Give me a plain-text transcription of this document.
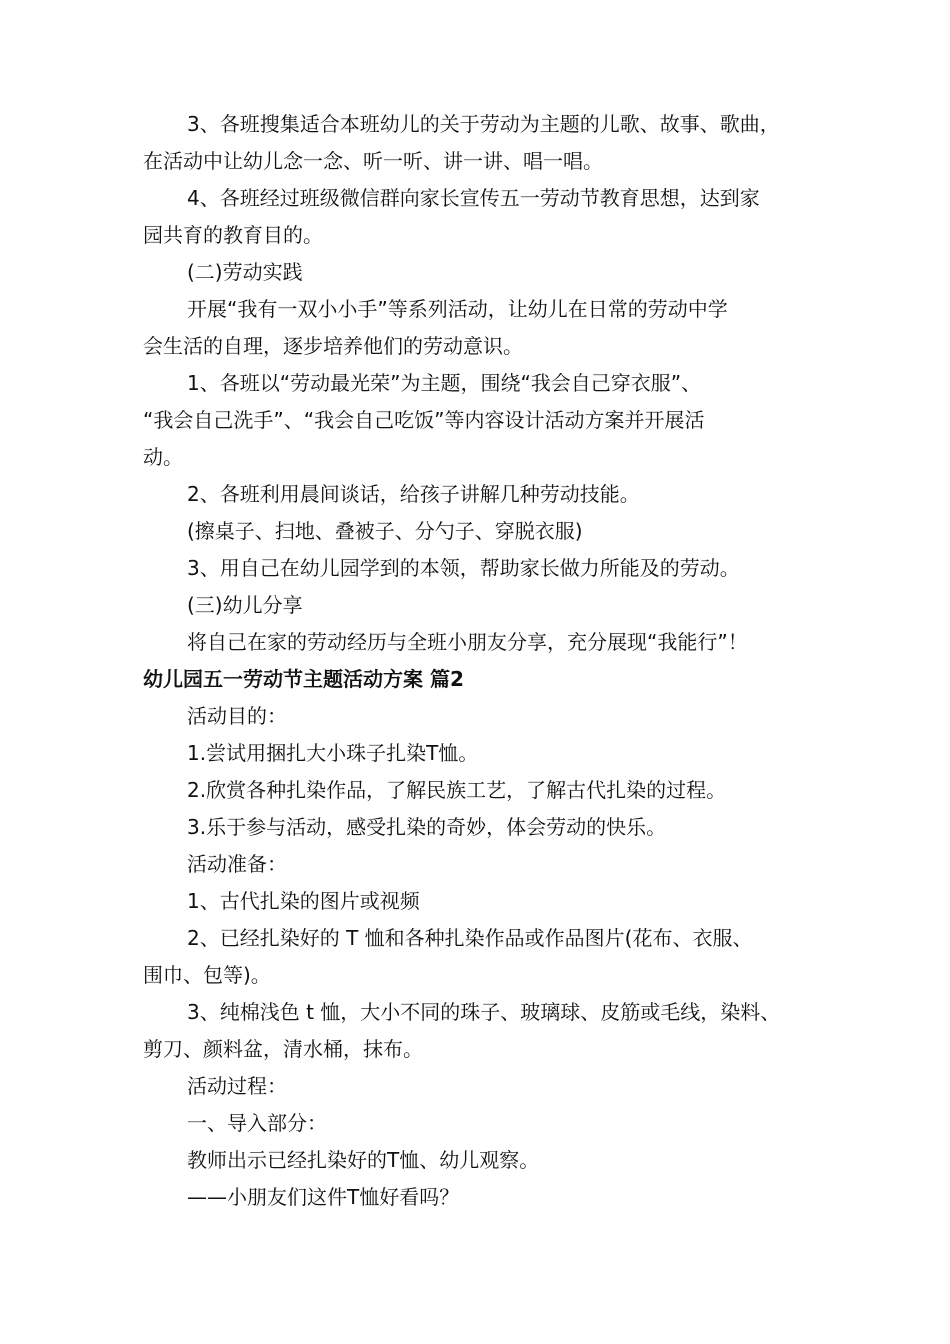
3、各班搜集适合本班幼儿的关于劳动为主题的儿歌、故事、歌曲，

在活动中让幼儿念一念、听一听、讲一讲、唱一唱。

4、各班经过班级微信群向家长宣传五一劳动节教育思想，达到家

园共育的教育目的。

(二)劳动实践

开展“我有一双小小手”等系列活动，让幼儿在日常的劳动中学

会生活的自理，逐步培养他们的劳动意识。

1、各班以“劳动最光荣”为主题，围绕“我会自己穿衣服”、

“我会自己洗手”、“我会自己吃饭”等内容设计活动方案并开展活

动。

2、各班利用晨间谈话，给孩子讲解几种劳动技能。

(擦桌子、扫地、叠被子、分勺子、穿脱衣服)

3、用自己在幼儿园学到的本领，帮助家长做力所能及的劳动。

(三)幼儿分享

将自己在家的劳动经历与全班小朋友分享，充分展现“我能行”！

幼儿园五一劳动节主题活动方案 篇2

活动目的：

1.尝试用捆扎大小珠子扎染T恤。

2.欣赏各种扎染作品，了解民族工艺，了解古代扎染的过程。

3.乐于参与活动，感受扎染的奇妙，体会劳动的快乐。

活动准备：

1、古代扎染的图片或视频

2、已经扎染好的 T 恤和各种扎染作品或作品图片(花布、衣服、

围巾、包等)。

3、纯棉浅色 t 恤，大小不同的珠子、玻璃球、皮筋或毛线，染料、

剪刀、颜料盆，清水桶，抹布。

活动过程：

一、导入部分：

教师出示已经扎染好的T恤、幼儿观察。

——小朋友们这件T恤好看吗？
